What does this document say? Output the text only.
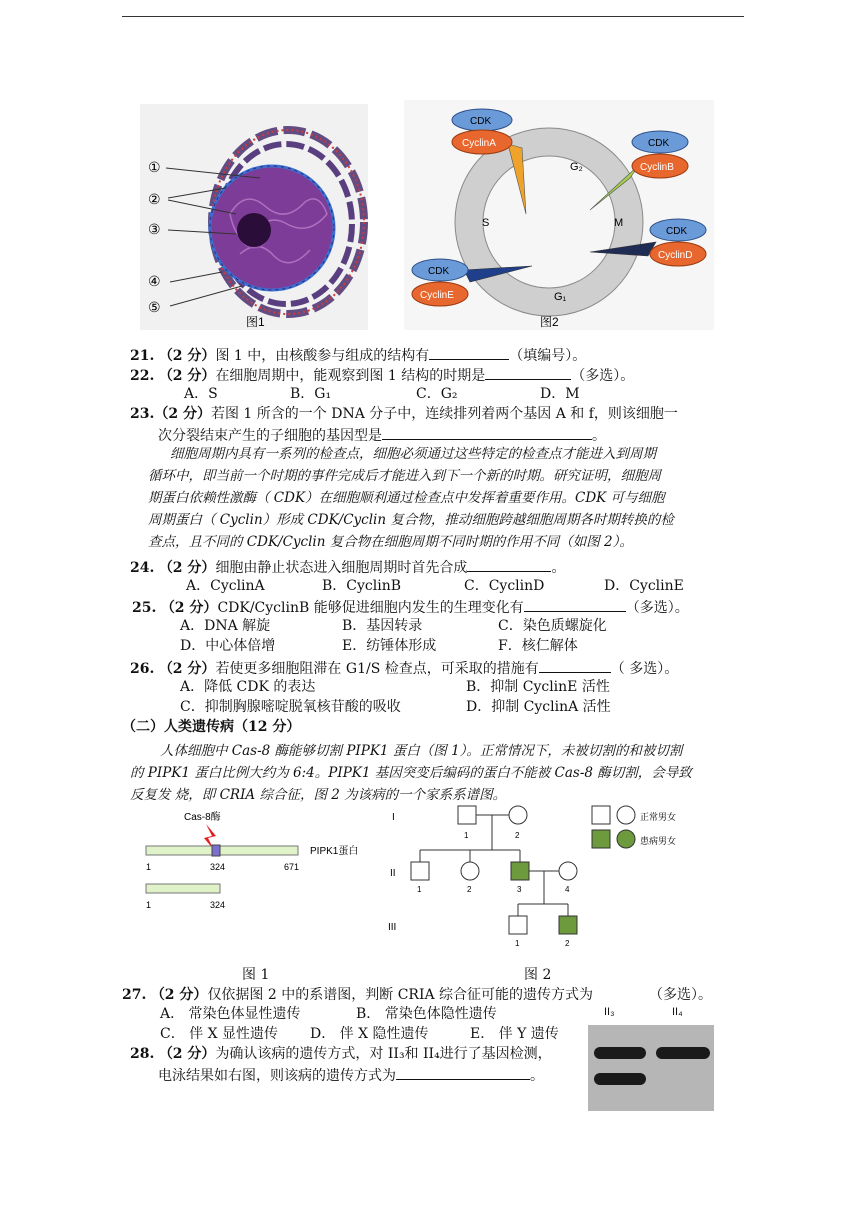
①
②
③
④
⑤
图1
G₂
M
G₁
S
CDK
CyclinA	CDK
CyclinB
CDK
CyclinD
CDK
CyclinE
图2
21. （2 分）图 1 中，由核酸参与组成的结构有	（填编号）。
22. （2 分）在细胞周期中，能观察到图 1 结构的时期是	（多选）。
A．S	B．G₁	C．G₂	D．M
23.（2 分）若图 1 所含的一个 DNA 分子中，连续排列着两个基因 A 和 f，则该细胞一
次分裂结束产生的子细胞的基因型是	。
细胞周期内具有一系列的检查点，细胞必须通过这些特定的检查点才能进入到周期
循环中，即当前一个时期的事件完成后才能进入到下一个新的时期。研究证明，细胞周
期蛋白依赖性激酶（ CDK）在细胞顺利通过检查点中发挥着重要作用。CDK 可与细胞
周期蛋白（ Cyclin）形成 CDK/Cyclin 复合物，推动细胞跨越细胞周期各时期转换的检
查点，且不同的 CDK/Cyclin 复合物在细胞周期不同时期的作用不同（如图 2）。
24. （2 分）细胞由静止状态进入细胞周期时首先合成	。
A．CyclinA	B．CyclinB	C．CyclinD	D．CyclinE
25. （2 分）CDK/CyclinB 能够促进细胞内发生的生理变化有	（多选）。
A．DNA 解旋	B．基因转录	C．染色质螺旋化
D．中心体倍增	E．纺锤体形成	F．核仁解体
26. （2 分）若使更多细胞阻滞在 G1/S 检查点，可采取的措施有	（ 多选）。
A．降低 CDK 的表达	B．抑制 CyclinE 活性
C．抑制胸腺嘧啶脱氧核苷酸的吸收	D．抑制 CyclinA 活性
（二）人类遗传病（12 分）
人体细胞中 Cas-8 酶能够切割 PIPK1 蛋白（图 1）。正常情况下，未被切割的和被切割
的 PIPK1 蛋白比例大约为 6:4。PIPK1 基因突变后编码的蛋白不能被 Cas-8 酶切割，会导致
反复发 烧，即 CRIA 综合征，图 2 为该病的一个家系系谱图。
Cas-8酶
PIPK1蛋白
1	324	671
1	324
I
II
III
1	2
1	2	3	4
1	2
正常男女
患病男女
图 1	图 2
27. （2 分）仅依据图 2 中的系谱图，判断 CRIA 综合征可能的遗传方式为	（多选）。
A． 常染色体显性遗传	B． 常染色体隐性遗传
C． 伴 X 显性遗传 D． 伴 X 隐性遗传	E． 伴 Y 遗传
28. （2 分）为确认该病的遗传方式，对 II₃和 II₄进行了基因检测，
电泳结果如右图，则该病的遗传方式为	。
II₃	II₄
